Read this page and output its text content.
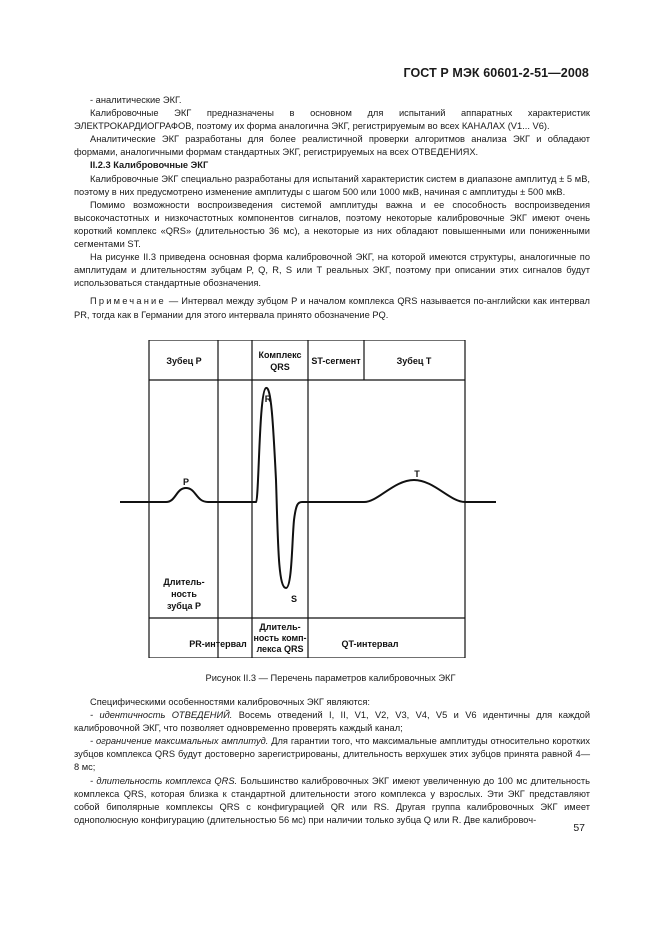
ГОСТ Р МЭК 60601-2-51—2008

- аналитические ЭКГ.

Калибровочные ЭКГ предназначены в основном для испытаний аппаратных характеристик ЭЛЕКТРОКАРДИОГРАФОВ, поэтому их форма аналогична ЭКГ, регистрируемым во всех КАНАЛАХ (V1... V6).

Аналитические ЭКГ разработаны для более реалистичной проверки алгоритмов анализа ЭКГ и обладают формами, аналогичными формам стандартных ЭКГ, регистрируемых на всех ОТВЕДЕНИЯХ.

II.2.3 Калибровочные ЭКГ

Калибровочные ЭКГ специально разработаны для испытаний характеристик систем в диапазоне амплитуд ± 5 мВ, поэтому в них предусмотрено изменение амплитуды с шагом 500 или 1000 мкВ, начиная с амплитуды ± 500 мкВ.

Помимо возможности воспроизведения системой амплитуды важна и ее способность воспроизведения высокочастотных и низкочастотных компонентов сигналов, поэтому некоторые калибровочные ЭКГ имеют очень короткий комплекс «QRS» (длительностью 36 мс), а некоторые из них обладают повышенными или пониженными сегментами ST.

На рисунке II.3 приведена основная форма калибровочной ЭКГ, на которой имеются структуры, аналогичные по амплитудам и длительностям зубцам P, Q, R, S или T реальных ЭКГ, поэтому при описании этих сигналов будут использоваться стандартные обозначения.

Примечание — Интервал между зубцом P и началом комплекса QRS называется по-английски как интервал PR, тогда как в Германии для этого интервала принято обозначение PQ.

Зубец P
Комплекс
QRS
ST-сегмент	Зубец T
R
P
T
S
Длитель-
ность
зубца P
PR-интервал
Длитель-
ность комп-
лекса QRS	QT-интервал
Рисунок II.3 — Перечень параметров калибровочных ЭКГ

Специфическими особенностями калибровочных ЭКГ являются:

- идентичность ОТВЕДЕНИЙ. Восемь отведений I, II, V1, V2, V3, V4, V5 и V6 идентичны для каждой калибровочной ЭКГ, что позволяет одновременно проверять каждый канал;

- ограничение максимальных амплитуд. Для гарантии того, что максимальные амплитуды относительно коротких зубцов комплекса QRS будут достоверно зарегистрированы, длительность верхушек этих зубцов принята равной 4—8 мс;

- длительность комплекса QRS. Большинство калибровочных ЭКГ имеют увеличенную до 100 мс длительность комплекса QRS, которая близка к стандартной длительности этого комплекса у взрослых. Эти ЭКГ представляют собой биполярные комплексы QRS с конфигурацией QR или RS. Другая группа калибровочных ЭКГ имеет однополюсную конфигурацию (длительностью 56 мс) при наличии только зубца Q или R. Две калибровоч-

57
